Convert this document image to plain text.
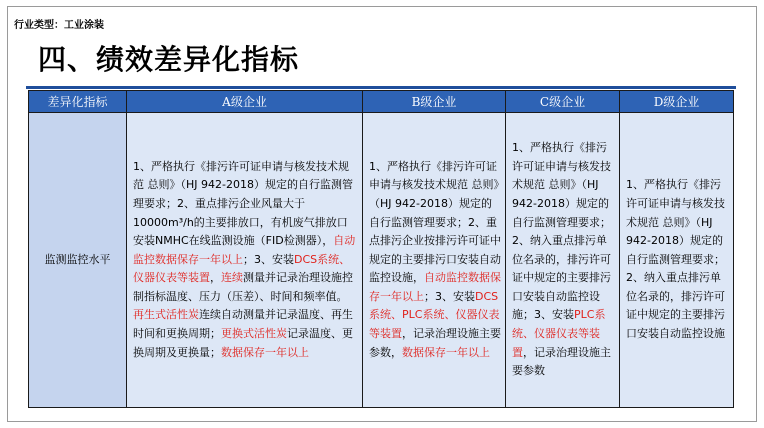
行业类型：工业涂装
四、绩效差异化指标
差异化指标	A级企业	B级企业	C级企业	D级企业
监测监控水平	1、严格执行《排污许可证申请与核发技术规范 总则》（HJ 942-2018）规定的自行监测管理要求；2、重点排污企业风量大于10000m³/h的主要排放口，有机废气排放口安装NMHC在线监测设施（FID检测器），自动监控数据保存一年以上；3、安装DCS系统、仪器仪表等装置，连续测量并记录治理设施控制指标温度、压力（压差）、时间和频率值。再生式活性炭连续自动测量并记录温度、再生时间和更换周期；更换式活性炭记录温度、更换周期及更换量；数据保存一年以上	1、严格执行《排污许可证申请与核发技术规范 总则》（HJ 942-2018）规定的自行监测管理要求；2、重点排污企业按排污许可证中规定的主要排污口安装自动监控设施，自动监控数据保存一年以上；3、安装DCS系统、PLC系统、仪器仪表等装置，记录治理设施主要参数，数据保存一年以上	1、严格执行《排污许可证申请与核发技术规范 总则》（HJ 942-2018）规定的自行监测管理要求；2、纳入重点排污单位名录的，排污许可证中规定的主要排污口安装自动监控设施；3、安装PLC系统、仪器仪表等装置，记录治理设施主要参数	1、严格执行《排污许可证申请与核发技术规范 总则》（HJ 942-2018）规定的自行监测管理要求；2、纳入重点排污单位名录的，排污许可证中规定的主要排污口安装自动监控设施
